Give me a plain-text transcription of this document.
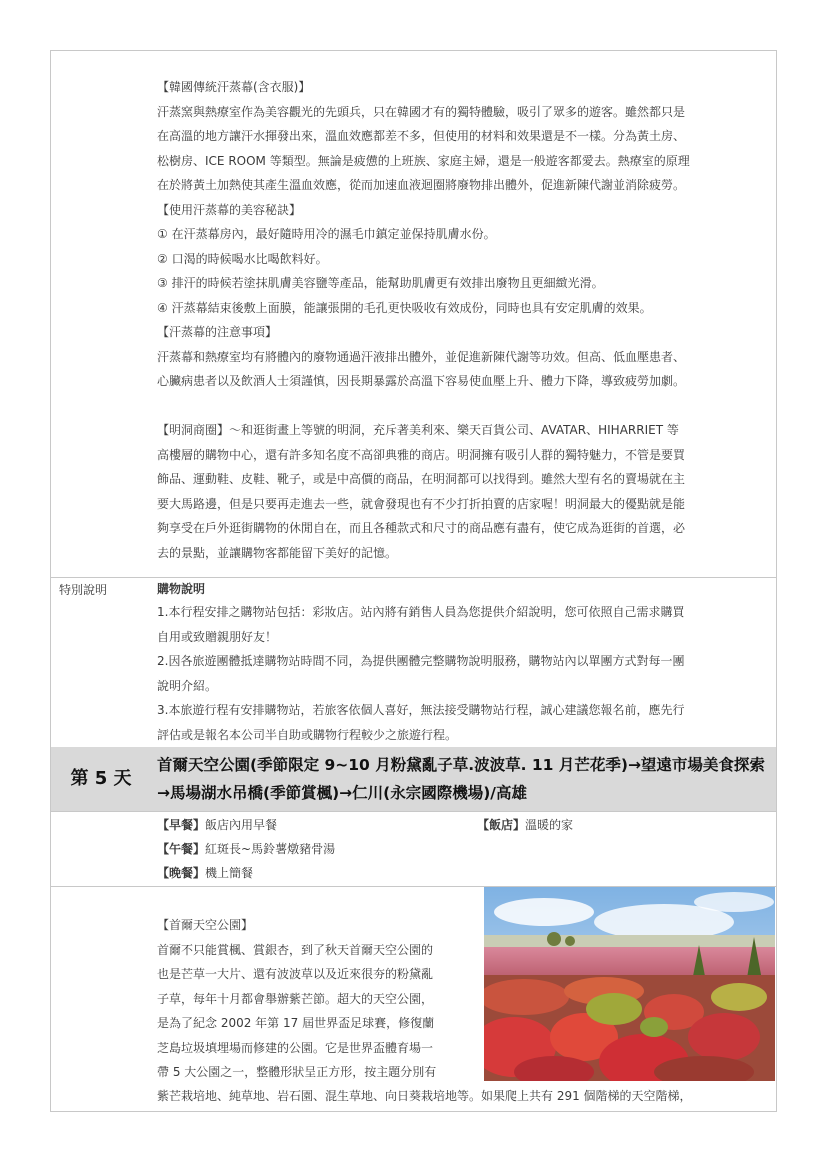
【韓國傳統汗蒸幕(含衣服)】

汗蒸窯與熱療室作為美容觀光的先頭兵，只在韓國才有的獨特體驗，吸引了眾多的遊客。雖然都只是

在高溫的地方讓汗水揮發出來，溫血效應都差不多，但使用的材料和效果還是不一樣。分為黃土房、

松樹房、ICE ROOM 等類型。無論是疲憊的上班族、家庭主婦，還是一般遊客都愛去。熱療室的原理

在於將黃土加熱使其產生溫血效應，從而加速血液迴圈將廢物排出體外，促進新陳代謝並消除疲勞。

【使用汗蒸幕的美容秘訣】

① 在汗蒸幕房內，最好隨時用冷的濕毛巾鎮定並保持肌膚水份。

② 口渴的時候喝水比喝飲料好。

③ 排汗的時候若塗抹肌膚美容鹽等產品，能幫助肌膚更有效排出廢物且更細緻光滑。

④ 汗蒸幕結束後敷上面膜，能讓張開的毛孔更快吸收有效成份，同時也具有安定肌膚的效果。

【汗蒸幕的注意事項】

汗蒸幕和熱療室均有將體內的廢物通過汗液排出體外，並促進新陳代謝等功效。但高、低血壓患者、

心臟病患者以及飲酒人士須謹慎，因長期暴露於高溫下容易使血壓上升、體力下降，導致疲勞加劇。

【明洞商圈】～和逛街畫上等號的明洞，充斥著美利來、樂天百貨公司、AVATAR、HIHARRIET 等

高樓層的購物中心，還有許多知名度不高卻典雅的商店。明洞擁有吸引人群的獨特魅力，不管是要買

飾品、運動鞋、皮鞋、靴子，或是中高價的商品，在明洞都可以找得到。雖然大型有名的賣場就在主

要大馬路邊，但是只要再走進去一些，就會發現也有不少打折拍賣的店家喔！明洞最大的優點就是能

夠享受在戶外逛街購物的休閒自在，而且各種款式和尺寸的商品應有盡有，使它成為逛街的首選，必

去的景點，並讓購物客都能留下美好的記憶。

特別說明	購物說明

1.本行程安排之購物站包括：彩妝店。站內將有銷售人員為您提供介紹說明，您可依照自己需求購買

自用或致贈親朋好友！

2.因各旅遊團體抵達購物站時間不同，為提供團體完整購物說明服務，購物站內以單團方式對每一團

說明介紹。

3.本旅遊行程有安排購物站，若旅客依個人喜好，無法接受購物站行程，誠心建議您報名前，應先行

評估或是報名本公司半自助或購物行程較少之旅遊行程。

第 5 天
首爾天空公園(季節限定 9~10 月粉黛亂子草.波波草. 11 月芒花季)→望遠市場美食探索
→馬場湖水吊橋(季節賞楓)→仁川(永宗國際機場)/高雄
【早餐】飯店內用早餐	【飯店】溫暖的家
【午餐】紅斑長~馬鈴薯燉豬骨湯
【晚餐】機上簡餐

【首爾天空公園】

首爾不只能賞楓、賞銀杏，到了秋天首爾天空公園的

也是芒草一大片、還有波波草以及近來很夯的粉黛亂

子草，每年十月都會舉辦紫芒節。超大的天空公園，

是為了紀念 2002 年第 17 屆世界盃足球賽，修復蘭

芝島垃圾填埋場而修建的公園。它是世界盃體育場一

帶 5 大公園之一，整體形狀呈正方形，按主題分別有

紫芒栽培地、純草地、岩石園、混生草地、向日葵栽培地等。如果爬上共有 291 個階梯的天空階梯，
